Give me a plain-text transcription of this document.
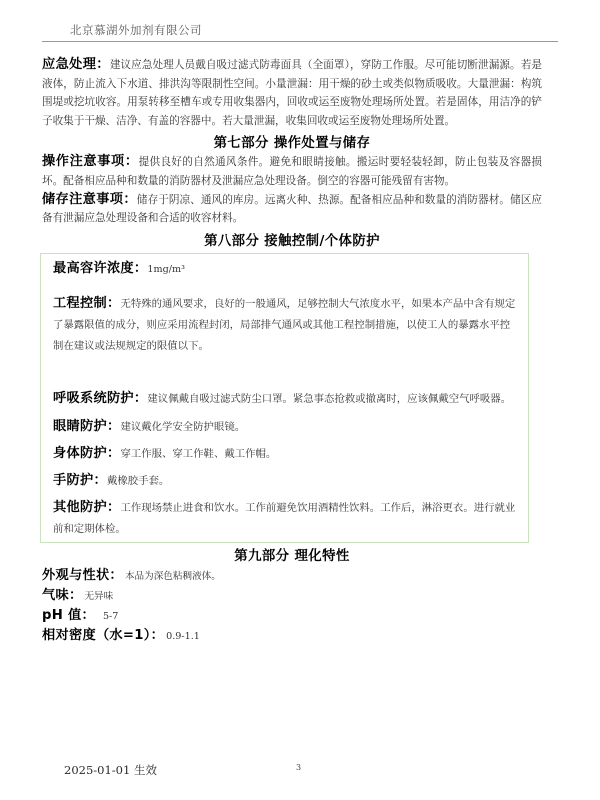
北京慕湖外加剂有限公司

应急处理：建议应急处理人员戴自吸过滤式防毒面具（全面罩），穿防工作服。尽可能切断泄漏源。若是液体，防止流入下水道、排洪沟等限制性空间。小量泄漏：用干燥的砂土或类似物质吸收。大量泄漏：构筑围堤或挖坑收容。用泵转移至槽车或专用收集器内，回收或运至废物处理场所处置。若是固体，用洁净的铲子收集于干燥、洁净、有盖的容器中。若大量泄漏，收集回收或运至废物处理场所处置。

第七部分 操作处置与储存

操作注意事项：提供良好的自然通风条件。避免和眼睛接触。搬运时要轻装轻卸，防止包装及容器损坏。配备相应品种和数量的消防器材及泄漏应急处理设备。倒空的容器可能残留有害物。

储存注意事项：储存于阴凉、通风的库房。远离火种、热源。配备相应品种和数量的消防器材。储区应备有泄漏应急处理设备和合适的收容材料。

第八部分 接触控制/个体防护
最高容许浓度：1mg/m³

工程控制：无特殊的通风要求，良好的一般通风，足够控制大气浓度水平，如果本产品中含有规定了暴露限值的成分，则应采用流程封闭，局部排气通风或其他工程控制措施，以使工人的暴露水平控制在建议或法规规定的限值以下。

呼吸系统防护：建议佩戴自吸过滤式防尘口罩。紧急事态抢救或撤离时，应该佩戴空气呼吸器。
眼睛防护：建议戴化学安全防护眼镜。
身体防护：穿工作服、穿工作鞋、戴工作帽。
手防护：戴橡胶手套。
其他防护：工作现场禁止进食和饮水。工作前避免饮用酒精性饮料。工作后，淋浴更衣。进行就业前和定期体检。
第九部分 理化特性

外观与性状： 本品为深色粘稠液体。

气味： 无异味

pH 值： 5-7

相对密度（水=1）： 0.9-1.1

2025-01-01 生效	3
